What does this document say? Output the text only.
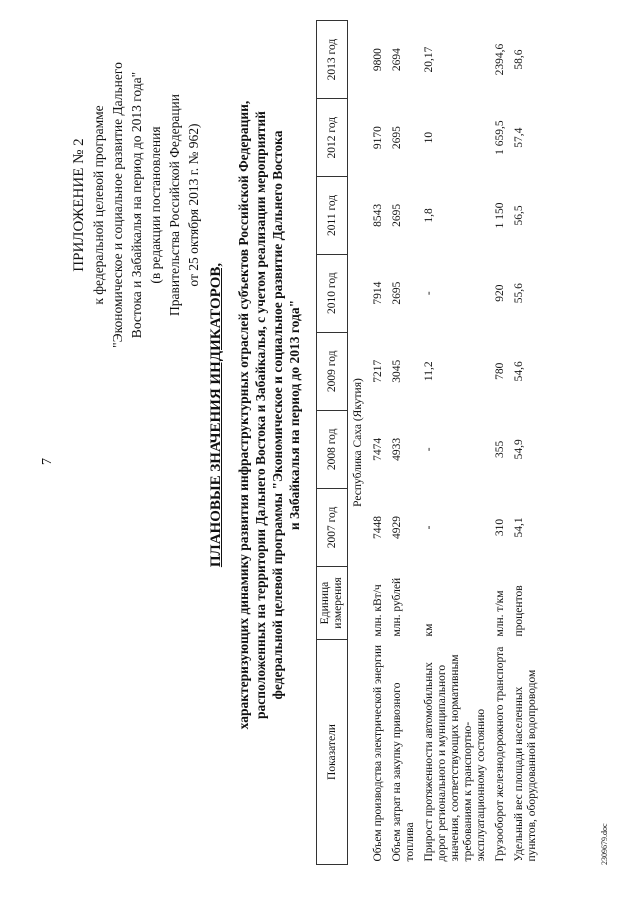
7
ПРИЛОЖЕНИЕ № 2 к федеральной целевой программе "Экономическое и социальное развитие Дальнего Востока и Забайкалья на период до 2013 года" (в редакции постановления Правительства Российской Федерации от 25 октября 2013 г. № 962)
ПЛАНОВЫЕ ЗНАЧЕНИЯ ИНДИКАТОРОВ, характеризующих динамику развития инфраструктурных отраслей субъектов Российской Федерации, расположенных на территории Дальнего Востока и Забайкалья, с учетом реализации мероприятий федеральной целевой программы "Экономическое и социальное развитие Дальнего Востока и Забайкалья на период до 2013 года"
Показатели	Единица измерения	2007 год	2008 год	2009 год	2010 год	2011 год	2012 год	2013 год
Республика Саха (Якутия)								
Объем производства электрической энергии	млн. кВт/ч	7448	7474	7217	7914	8543	9170	9800
Объем затрат на закупку привозного топлива	млн. рублей	4929	4933	3045	2695	2695	2695	2694
Прирост протяженности автомобильных дорог регионального и муниципального значения, соответствующих нормативным требованиям к транспортно-эксплуатационному состоянию	км	-	-	11,2	-	1,8	10	20,17
Грузооборот железнодорожного транспорта	млн. т/км	310	355	780	920	1 150	1 659,5	2394,6
Удельный вес площади населенных пунктов, оборудованной водопроводом	процентов	54,1	54,9	54,6	55,6	56,5	57,4	58,6
2309679.doc
